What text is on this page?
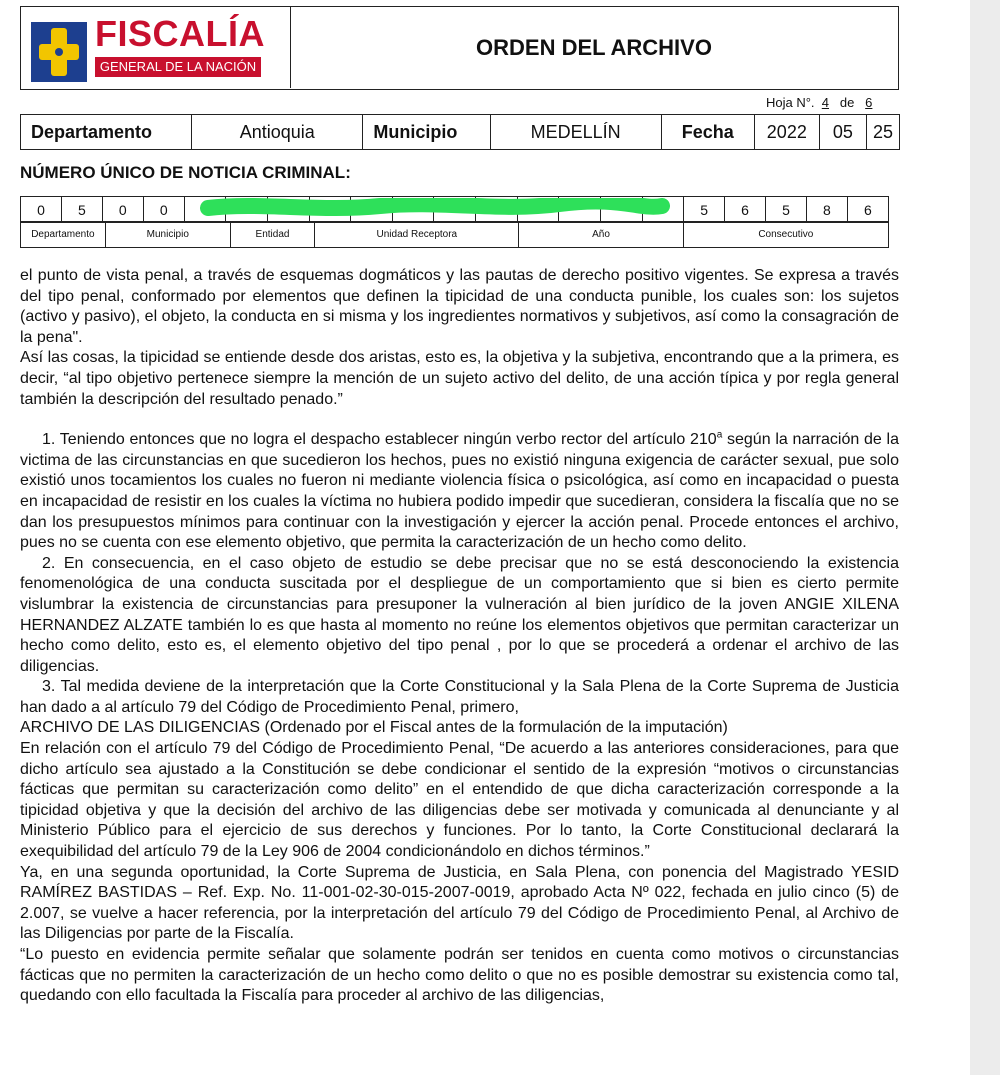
FISCALÍA
GENERAL DE LA NACIÓN
ORDEN DEL ARCHIVO
Hoja N°. 4 de 6
Departamento	Antioquia	Municipio	MEDELLÍN	Fecha	2022	05	25
NÚMERO ÚNICO DE NOTICIA CRIMINAL:
0	5	0	0													5	6	5	8	6
Departamento	Municipio	Entidad	Unidad Receptora	Año	Consecutivo

el punto de vista penal, a través de esquemas dogmáticos y las pautas de derecho positivo vigentes. Se expresa a través del tipo penal, conformado por elementos que definen la tipicidad de una conducta punible, los cuales son: los sujetos (activo y pasivo), el objeto, la conducta en si misma y los ingredientes normativos y subjetivos, así como la consagración de la pena".

Así las cosas, la tipicidad se entiende desde dos aristas, esto es, la objetiva y la subjetiva, encontrando que a la primera, es decir, “al tipo objetivo pertenece siempre la mención de un sujeto activo del delito, de una acción típica y por regla general también la descripción del resultado penado.”

1. Teniendo entonces que no logra el despacho establecer ningún verbo rector del artículo 210$^a$ según la narración de la victima de las circunstancias en que sucedieron los hechos, pues no existió ninguna exigencia de carácter sexual, pue solo existió unos tocamientos los cuales no fueron ni mediante violencia física o psicológica, así como en incapacidad o puesta en incapacidad de resistir en los cuales la víctima no hubiera podido impedir que sucedieran, considera la fiscalía que no se dan los presupuestos mínimos para continuar con la investigación y ejercer la acción penal. Procede entonces el archivo, pues no se cuenta con ese elemento objetivo, que permita la caracterización de un hecho como delito.

2. En consecuencia, en el caso objeto de estudio se debe precisar que no se está desconociendo la existencia fenomenológica de una conducta suscitada por el despliegue de un comportamiento que si bien es cierto permite vislumbrar la existencia de circunstancias para presuponer la vulneración al bien jurídico de la joven ANGIE XILENA HERNANDEZ ALZATE también lo es que hasta al momento no reúne los elementos objetivos que permitan caracterizar un hecho como delito, esto es, el elemento objetivo del tipo penal , por lo que se procederá a ordenar el archivo de las diligencias.

3. Tal medida deviene de la interpretación que la Corte Constitucional y la Sala Plena de la Corte Suprema de Justicia han dado a al artículo 79 del Código de Procedimiento Penal, primero,

ARCHIVO DE LAS DILIGENCIAS (Ordenado por el Fiscal antes de la formulación de la imputación)

En relación con el artículo 79 del Código de Procedimiento Penal, “De acuerdo a las anteriores consideraciones, para que dicho artículo sea ajustado a la Constitución se debe condicionar el sentido de la expresión “motivos o circunstancias fácticas que permitan su caracterización como delito” en el entendido de que dicha caracterización corresponde a la tipicidad objetiva y que la decisión del archivo de las diligencias debe ser motivada y comunicada al denunciante y al Ministerio Público para el ejercicio de sus derechos y funciones. Por lo tanto, la Corte Constitucional declarará la exequibilidad del artículo 79 de la Ley 906 de 2004 condicionándolo en dichos términos.”

Ya, en una segunda oportunidad, la Corte Suprema de Justicia, en Sala Plena, con ponencia del Magistrado YESID RAMÍREZ BASTIDAS – Ref. Exp. No. 11-001-02-30-015-2007-0019, aprobado Acta Nº 022, fechada en julio cinco (5) de 2.007, se vuelve a hacer referencia, por la interpretación del artículo 79 del Código de Procedimiento Penal, al Archivo de las Diligencias por parte de la Fiscalía.

“Lo puesto en evidencia permite señalar que solamente podrán ser tenidos en cuenta como motivos o circunstancias fácticas que no permiten la caracterización de un hecho como delito o que no es posible demostrar su existencia como tal, quedando con ello facultada la Fiscalía para proceder al archivo de las diligencias,
